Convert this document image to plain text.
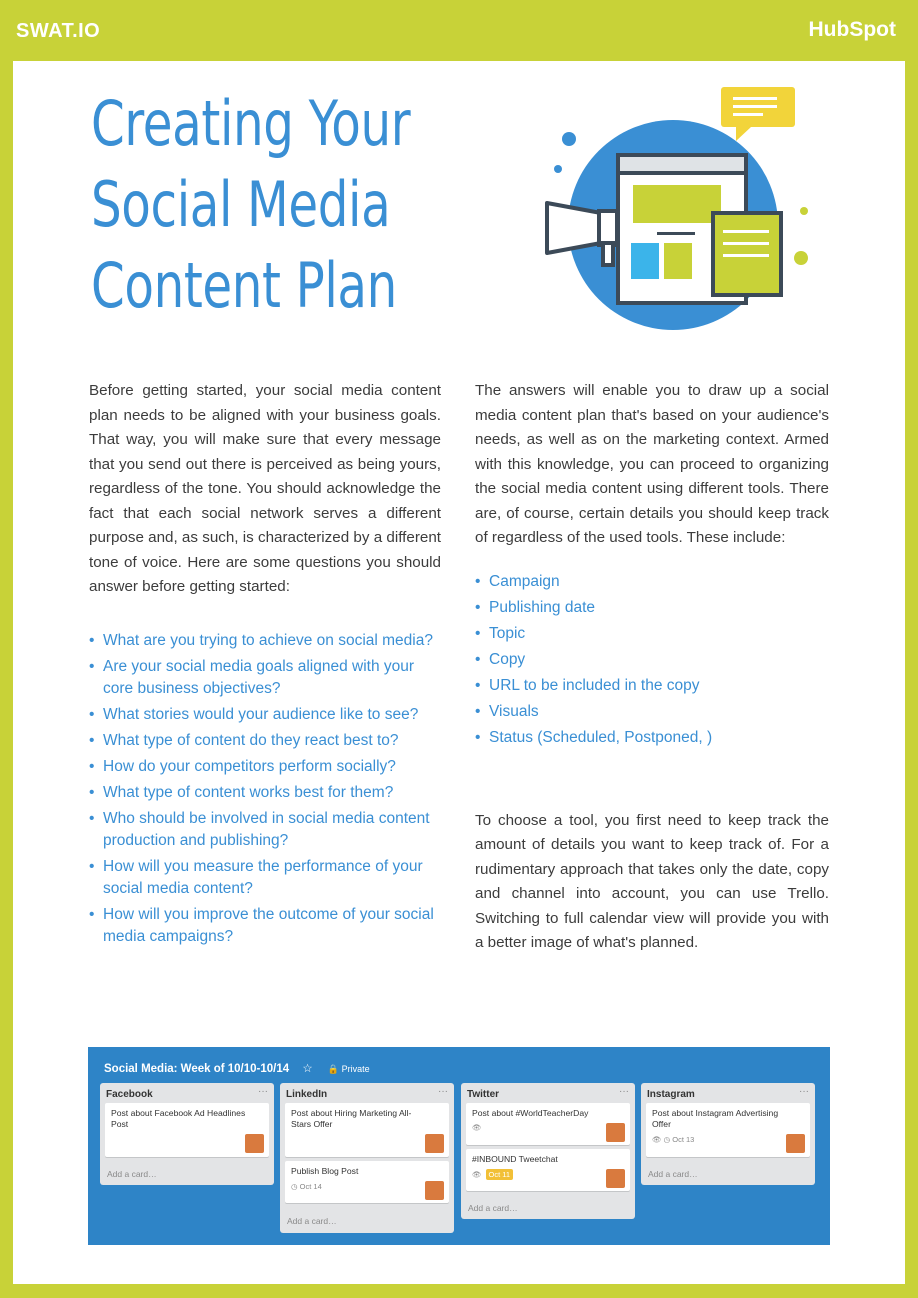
SWAT.IO	HubSpot
Creating Your
Social Media
Content Plan

Before getting started, your social media content plan needs to be aligned with your business goals. That way, you will make sure that every message that you send out there is perceived as being yours, regardless of the tone. You should acknowledge the fact that each social network serves a different purpose and, as such, is characterized by a different tone of voice. Here are some questions you should answer before getting started:

• What are you trying to achieve on social media?
• Are your social media goals aligned with your core business objectives?
• What stories would your audience like to see?
• What type of content do they react best to?
• How do your competitors perform socially?
• What type of content works best for them?
• Who should be involved in social media content production and publishing?
• How will you measure the performance of your social media content?
• How will you improve the outcome of your social media campaigns?

The answers will enable you to draw up a social media content plan that's based on your audience's needs, as well as on the marketing context. Armed with this knowledge, you can proceed to organizing the social media content using different tools. There are, of course, certain details you should keep track of regardless of the used tools. These include:

• Campaign
• Publishing date
• Topic
• Copy
• URL to be included in the copy
• Visuals
• Status (Scheduled, Postponed, )

To choose a tool, you first need to keep track the amount of details you want to keep track of. For a rudimentary approach that takes only the date, copy and channel into account, you can use Trello. Switching to full calendar view will provide you with a better image of what's planned.

Social Media: Week of 10/10-10/14 ☆ 🔒 Private
Facebook	···
Post about Facebook Ad Headlines Post
Add a card…
LinkedIn	···
Post about Hiring Marketing All-Stars Offer
Publish Blog Post
◷ Oct 14
Add a card…
Twitter	···
Post about #WorldTeacherDay
👁
#INBOUND Tweetchat
👁 Oct 11
Add a card…
Instagram	···
Post about Instagram Advertising Offer
👁 ◷ Oct 13
Add a card…
